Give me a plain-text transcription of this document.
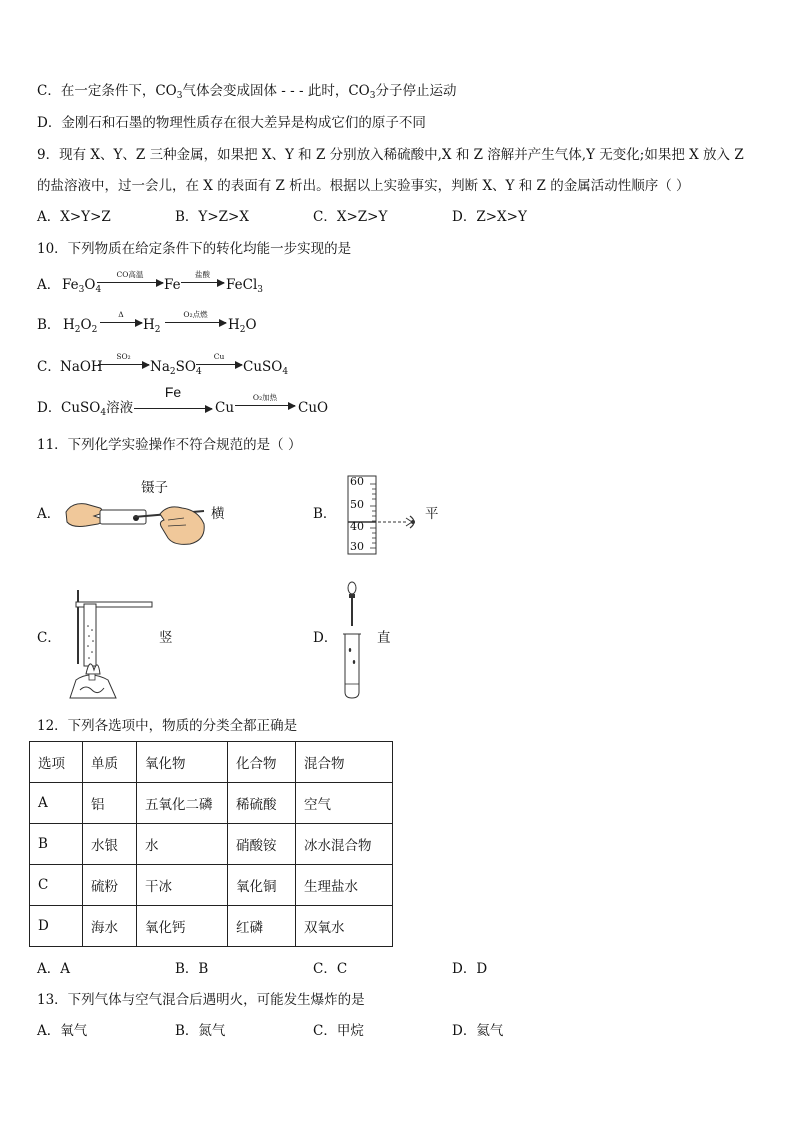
C．在一定条件下，$CO_3$气体会变成固体 - - - 此时，$CO_3$分子停止运动
D．金刚石和石墨的物理性质存在很大差异是构成它们的原子不同
9．现有 X、Y、Z 三种金属，如果把 X、Y 和 Z 分别放入稀硫酸中,X 和 Z 溶解并产生气体,Y 无变化;如果把 X 放入 Z
的盐溶液中，过一会儿，在 X 的表面有 Z 析出。根据以上实验事实，判断 X、Y 和 Z 的金属活动性顺序（ ）
A．X>Y>Z	B．Y>Z>X	C．X>Z>Y	D．Z>X>Y
10．下列物质在给定条件下的转化均能一步实现的是
A． $Fe_3O_4$
CO高温
Fe
盐酸
FeCl$_3$
B． $H_2O_2$
Δ
$H_2$
O₂点燃
$H_2O$
C． NaOH
SO₂
$Na_2SO_4$
Cu
CuSO$_4$
D． CuSO$_4$溶液
Fe
Cu
O₂加热
CuO
11．下列化学实验操作不符合规范的是（ ）
A．
镊子
横	B．	平
60
50
40
30
C．	竖	D．	直
12．下列各选项中，物质的分类全都正确是
选项	单质	氧化物	化合物	混合物
A	铝	五氧化二磷	稀硫酸	空气
B	水银	水	硝酸铵	冰水混合物
C	硫粉	干冰	氧化铜	生理盐水
D	海水	氧化钙	红磷	双氧水
A．A	B．B	C．C	D．D
13．下列气体与空气混合后遇明火，可能发生爆炸的是
A．氧气	B．氮气	C．甲烷	D．氦气
